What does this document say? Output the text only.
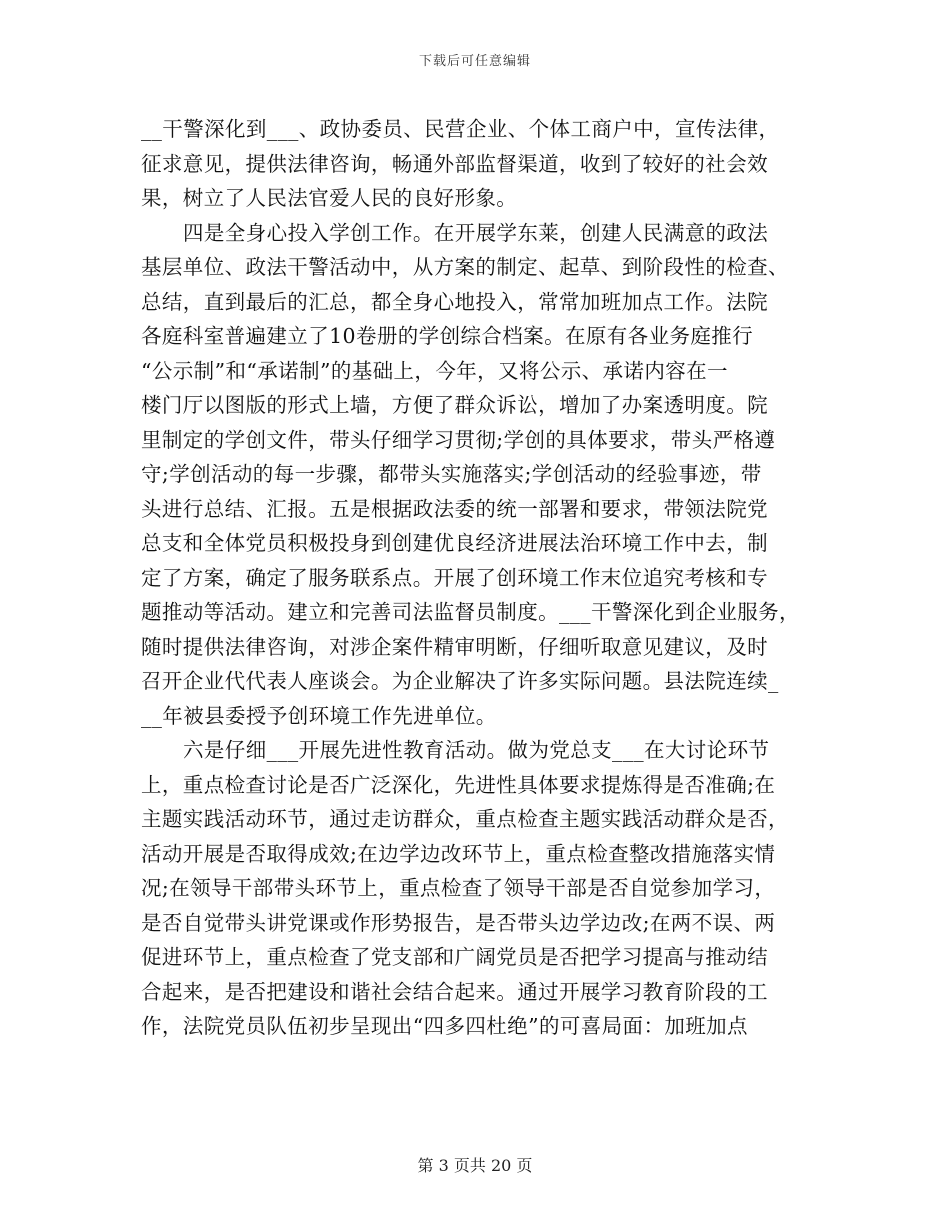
下载后可任意编辑
__干警深化到___、政协委员、民营企业、个体工商户中，宣传法律，
征求意见，提供法律咨询，畅通外部监督渠道，收到了较好的社会效
果，树立了人民法官爱人民的良好形象。
四是全身心投入学创工作。在开展学东莱，创建人民满意的政法
基层单位、政法干警活动中，从方案的制定、起草、到阶段性的检查、
总结，直到最后的汇总，都全身心地投入，常常加班加点工作。法院
各庭科室普遍建立了10卷册的学创综合档案。在原有各业务庭推行
“公示制”和“承诺制”的基础上，今年，又将公示、承诺内容在一
楼门厅以图版的形式上墙，方便了群众诉讼，增加了办案透明度。院
里制定的学创文件，带头仔细学习贯彻;学创的具体要求，带头严格遵
守;学创活动的每一步骤，都带头实施落实;学创活动的经验事迹，带
头进行总结、汇报。五是根据政法委的统一部署和要求，带领法院党
总支和全体党员积极投身到创建优良经济进展法治环境工作中去，制
定了方案，确定了服务联系点。开展了创环境工作末位追究考核和专
题推动等活动。建立和完善司法监督员制度。___干警深化到企业服务，
随时提供法律咨询，对涉企案件精审明断，仔细听取意见建议，及时
召开企业代代表人座谈会。为企业解决了许多实际问题。县法院连续_
__年被县委授予创环境工作先进单位。
六是仔细___开展先进性教育活动。做为党总支___在大讨论环节
上，重点检查讨论是否广泛深化，先进性具体要求提炼得是否准确;在
主题实践活动环节，通过走访群众，重点检查主题实践活动群众是否，
活动开展是否取得成效;在边学边改环节上，重点检查整改措施落实情
况;在领导干部带头环节上，重点检查了领导干部是否自觉参加学习，
是否自觉带头讲党课或作形势报告，是否带头边学边改;在两不误、两
促进环节上，重点检查了党支部和广阔党员是否把学习提高与推动结
合起来，是否把建设和谐社会结合起来。通过开展学习教育阶段的工
作，法院党员队伍初步呈现出“四多四杜绝”的可喜局面：加班加点
第 3 页共 20 页
